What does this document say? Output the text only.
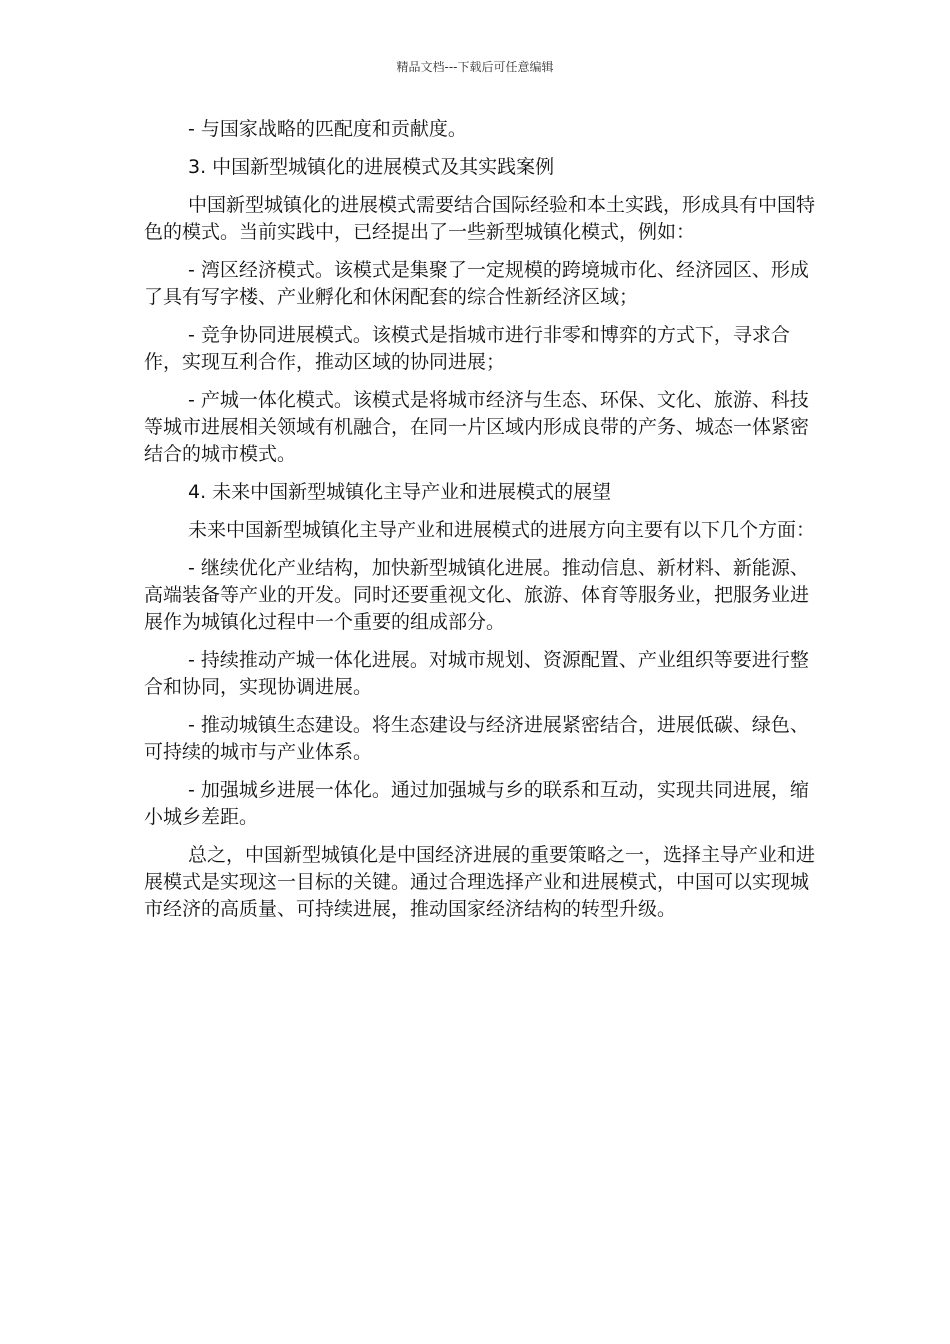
精品文档---下载后可任意编辑

- 与国家战略的匹配度和贡献度。

3. 中国新型城镇化的进展模式及其实践案例

中国新型城镇化的进展模式需要结合国际经验和本土实践，形成具有中国特色的模式。当前实践中，已经提出了一些新型城镇化模式，例如：

- 湾区经济模式。该模式是集聚了一定规模的跨境城市化、经济园区、形成了具有写字楼、产业孵化和休闲配套的综合性新经济区域；

- 竞争协同进展模式。该模式是指城市进行非零和博弈的方式下，寻求合作，实现互利合作，推动区域的协同进展；

- 产城一体化模式。该模式是将城市经济与生态、环保、文化、旅游、科技等城市进展相关领域有机融合，在同一片区域内形成良带的产务、城态一体紧密结合的城市模式。

4. 未来中国新型城镇化主导产业和进展模式的展望

未来中国新型城镇化主导产业和进展模式的进展方向主要有以下几个方面：

- 继续优化产业结构，加快新型城镇化进展。推动信息、新材料、新能源、高端装备等产业的开发。同时还要重视文化、旅游、体育等服务业，把服务业进展作为城镇化过程中一个重要的组成部分。

- 持续推动产城一体化进展。对城市规划、资源配置、产业组织等要进行整合和协同，实现协调进展。

- 推动城镇生态建设。将生态建设与经济进展紧密结合，进展低碳、绿色、可持续的城市与产业体系。

- 加强城乡进展一体化。通过加强城与乡的联系和互动，实现共同进展，缩小城乡差距。

总之，中国新型城镇化是中国经济进展的重要策略之一，选择主导产业和进展模式是实现这一目标的关键。通过合理选择产业和进展模式，中国可以实现城市经济的高质量、可持续进展，推动国家经济结构的转型升级。
